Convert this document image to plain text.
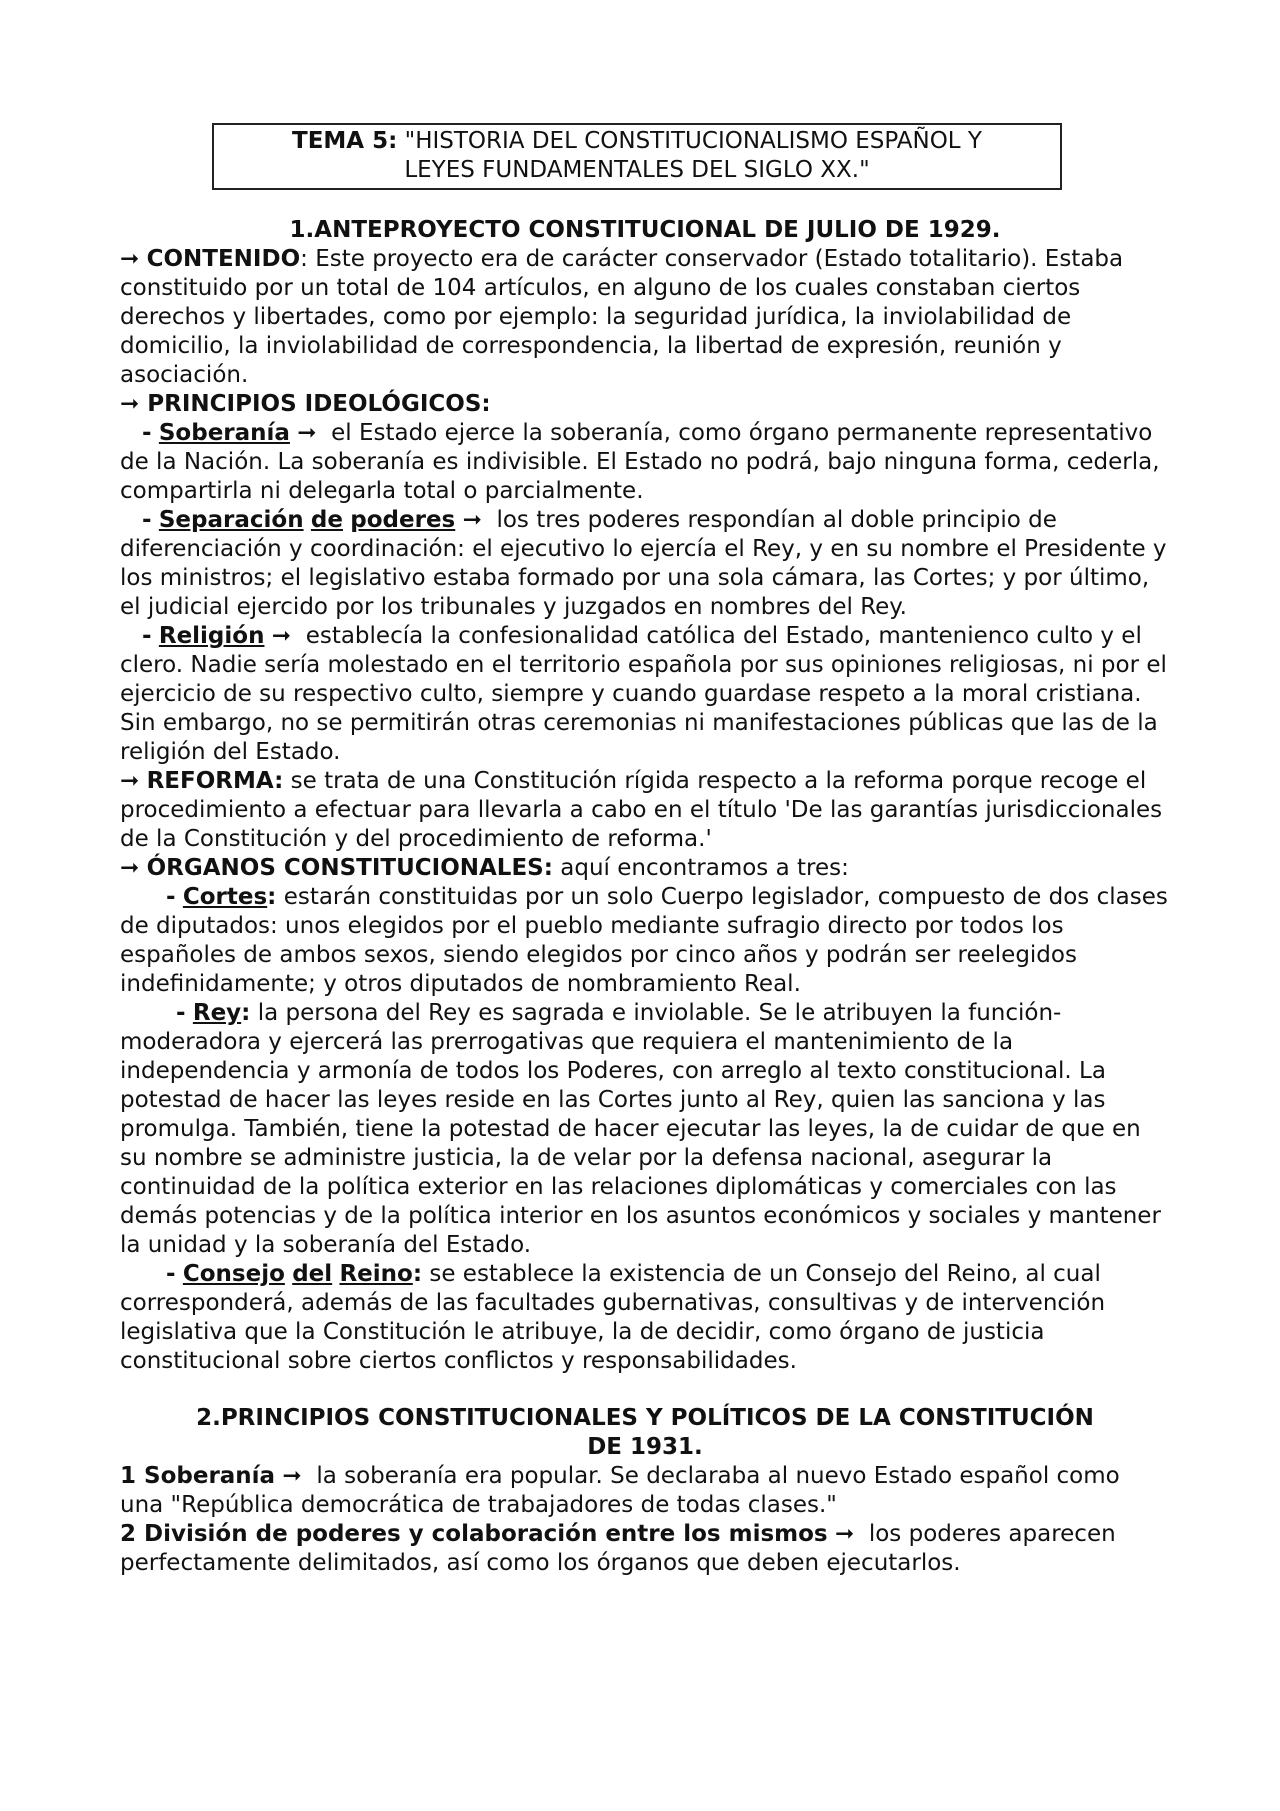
TEMA 5: "HISTORIA DEL CONSTITUCIONALISMO ESPAÑOL Y
LEYES FUNDAMENTALES DEL SIGLO XX."
1.ANTEPROYECTO CONSTITUCIONAL DE JULIO DE 1929.

➞ CONTENIDO: Este proyecto era de carácter conservador (Estado totalitario). Estaba constituido por un total de 104 artículos, en alguno de los cuales constaban ciertos derechos y libertades, como por ejemplo: la seguridad jurídica, la inviolabilidad de domicilio, la inviolabilidad de correspondencia, la libertad de expresión, reunión y asociación.

➞ PRINCIPIOS IDEOLÓGICOS:

- Soberanía ➞ el Estado ejerce la soberanía, como órgano permanente representativo de la Nación. La soberanía es indivisible. El Estado no podrá, bajo ninguna forma, cederla, compartirla ni delegarla total o parcialmente.

- Separación de poderes ➞ los tres poderes respondían al doble principio de diferenciación y coordinación: el ejecutivo lo ejercía el Rey, y en su nombre el Presidente y los ministros; el legislativo estaba formado por una sola cámara, las Cortes; y por último, el judicial ejercido por los tribunales y juzgados en nombres del Rey.

- Religión ➞ establecía la confesionalidad católica del Estado, manteniencо culto y el clero. Nadie sería molestado en el territorio españoIa por sus opiniones religiosas, ni por el ejercicio de su respectivo culto, siempre y cuando guardase respeto a la moral cristiana. Sin embargo, no se permitirán otras ceremonias ni manifestaciones públicas que las de la religión del Estado.

➞ REFORMA: se trata de una Constitución rígida respecto a la reforma porque recoge el procedimiento a efectuar para llevarla a cabo en el título 'De las garantías jurisdiccionales de la Constitución y del procedimiento de reforma.'

➞ ÓRGANOS CONSTITUCIONALES: aquí encontramos a tres:

- Cortes: estarán constituidas por un solo Cuerpo legislador, compuesto de dos clases de diputados: unos elegidos por el pueblo mediante sufragio directo por todos los españoles de ambos sexos, siendo elegidos por cinco años y podrán ser reelegidos indefinidamente; y otros diputados de nombramiento Real.

- Rey: la persona del Rey es sagrada e inviolable. Se le atribuyen la función-moderadora y ejercerá las prerrogativas que requiera el mantenimiento de la independencia y armonía de todos los Poderes, con arreglo al texto constitucional. La potestad de hacer las leyes reside en las Cortes junto al Rey, quien las sanciona y las promulga. También, tiene la potestad de hacer ejecutar las leyes, la de cuidar de que en su nombre se administre justicia, la de velar por la defensa nacional, asegurar la continuidad de la política exterior en las relaciones diplomáticas y comerciales con las demás potencias y de la política interior en los asuntos económicos y sociales y mantener la unidad y la soberanía del Estado.

- Consejo del Reino: se establece la existencia de un Consejo del Reino, al cual corresponderá, además de las facultades gubernativas, consultivas y de intervención legislativa que la Constitución le atribuye, la de decidir, como órgano de justicia constitucional sobre ciertos conflictos y responsabilidades.

2.PRINCIPIOS CONSTITUCIONALES Y POLÍTICOS DE LA CONSTITUCIÓN
DE 1931.

1 Soberanía ➞ la soberanía era popular. Se declaraba al nuevo Estado español como una "República democrática de trabajadores de todas clases."

2 División de poderes y colaboración entre los mismos ➞ los poderes aparecen perfectamente delimitados, así como los órganos que deben ejecutarlos.
